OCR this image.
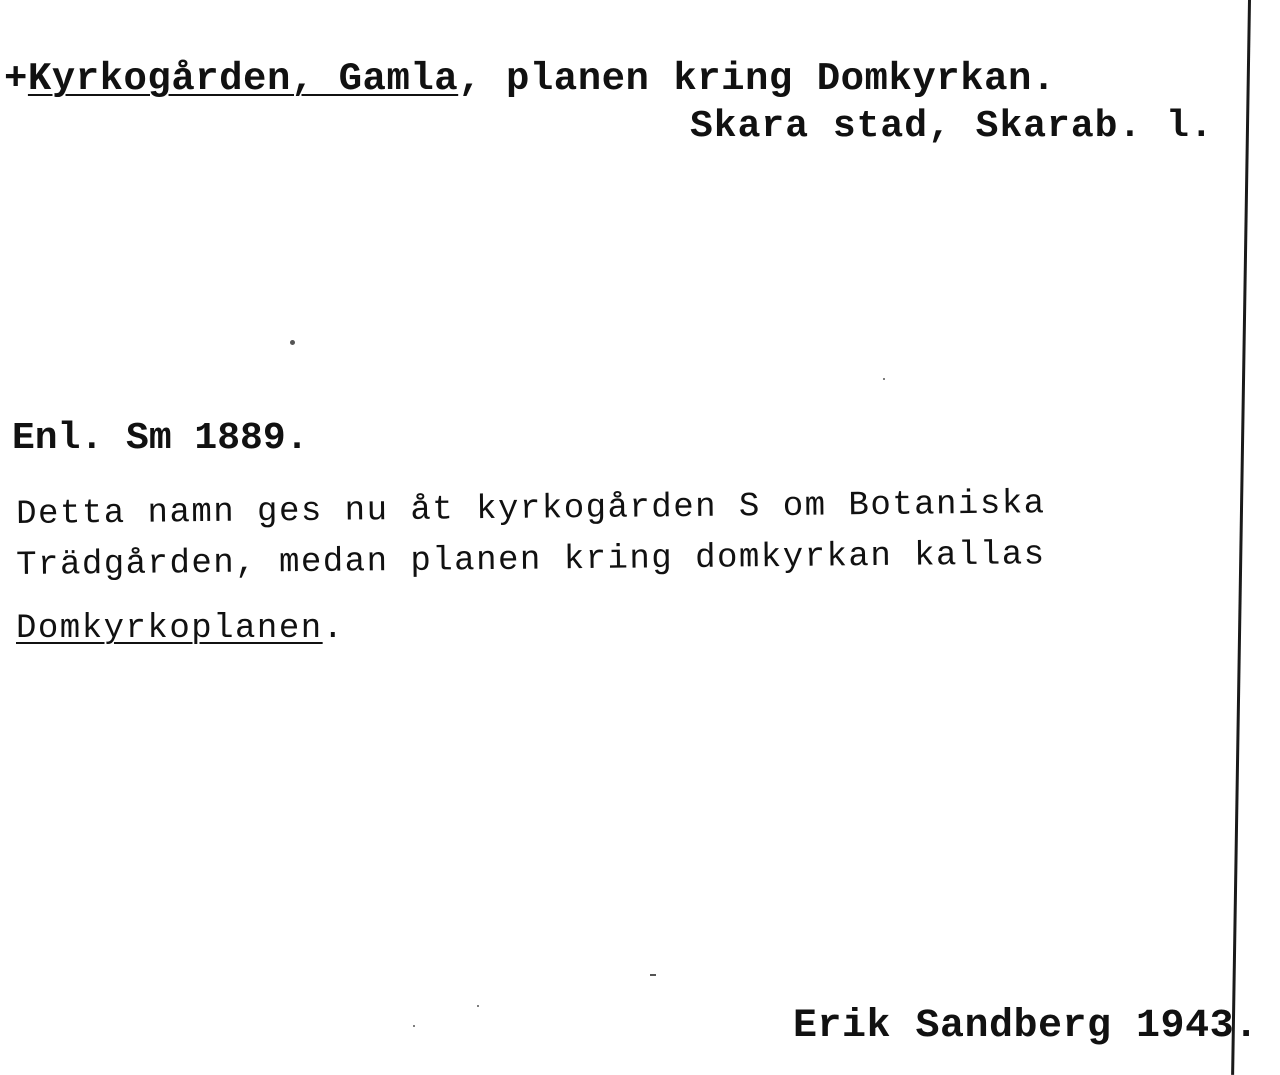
+Kyrkogården, Gamla, planen kring Domkyrkan.
Skara stad, Skarab. l.
Enl. Sm 1889.
Detta namn ges nu åt kyrkogården S om Botaniska
Trädgården, medan planen kring domkyrkan kallas
Domkyrkoplanen.
Erik Sandberg 1943.
